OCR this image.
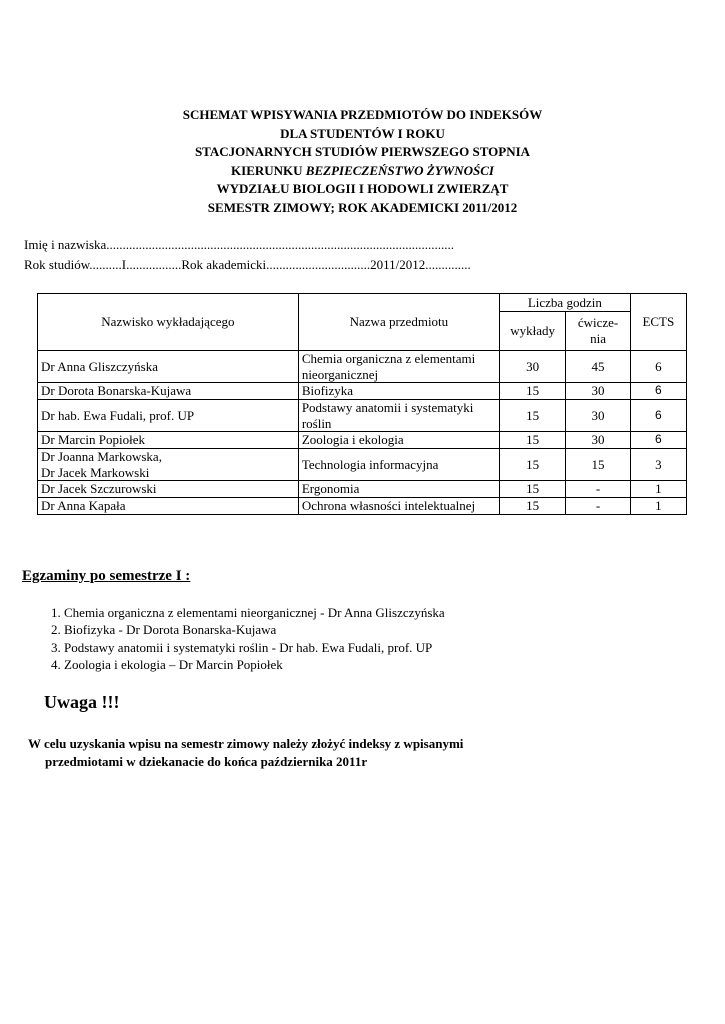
SCHEMAT WPISYWANIA PRZEDMIOTÓW DO INDEKSÓW
DLA STUDENTÓW I ROKU
STACJONARNYCH STUDIÓW PIERWSZEGO STOPNIA
KIERUNKU BEZPIECZEŃSTWO ŻYWNOŚCI
WYDZIAŁU BIOLOGII I HODOWLI ZWIERZĄT
SEMESTR ZIMOWY; ROK AKADEMICKI 2011/2012
Imię i nazwiska...........................................................................................................
Rok studiów..........I.................Rok akademicki................................2011/2012..............
Nazwisko wykładającego	Nazwa przedmiotu	Liczba godzin		ECTS
		wykłady	ćwicze-
nia	
Dr Anna Gliszczyńska	Chemia organiczna z elementami nieorganicznej	30	45	6
Dr Dorota Bonarska-Kujawa	Biofizyka	15	30	6
Dr hab. Ewa Fudali, prof. UP	Podstawy anatomii i systematyki roślin	15	30	6
Dr Marcin Popiołek	Zoologia i ekologia	15	30	6
Dr Joanna Markowska,
Dr Jacek Markowski	Technologia informacyjna	15	15	3
Dr Jacek Szczurowski	Ergonomia	15	-	1
Dr Anna Kapała	Ochrona własności intelektualnej	15	-	1
Egzaminy po semestrze I :
1. Chemia organiczna z elementami nieorganicznej - Dr Anna Gliszczyńska
2. Biofizyka - Dr Dorota Bonarska-Kujawa
3. Podstawy anatomii i systematyki roślin - Dr hab. Ewa Fudali, prof. UP
4. Zoologia i ekologia – Dr Marcin Popiołek
Uwaga !!!
W celu uzyskania wpisu na semestr zimowy należy złożyć indeksy z wpisanymi
przedmiotami w dziekanacie do końca października 2011r
